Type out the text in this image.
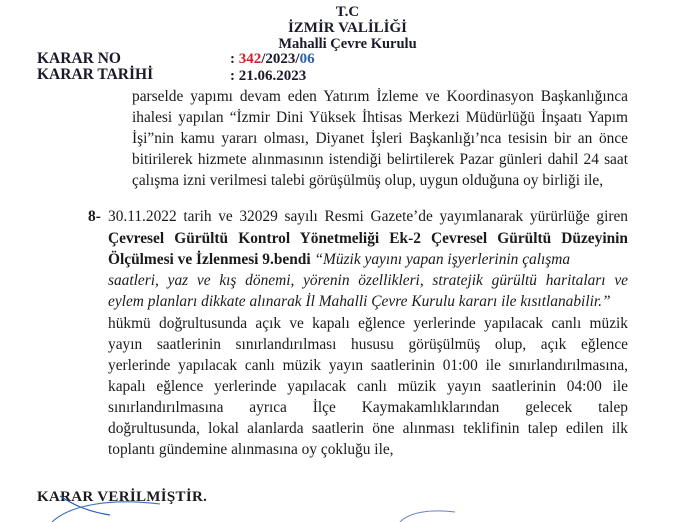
T.C
İZMİR VALİLİĞİ
Mahalli Çevre Kurulu
KARAR NO	: 342/2023/06
KARAR TARİHİ	: 21.06.2023
parselde yapımı devam eden Yatırım İzleme ve Koordinasyon Başkanlığınca
ihalesi yapılan “İzmir Dini Yüksek İhtisas Merkezi Müdürlüğü İnşaatı Yapım
İşi”nin kamu yararı olması, Diyanet İşleri Başkanlığı’nca tesisin bir an önce
bitirilerek hizmete alınmasının istendiği belirtilerek Pazar günleri dahil 24 saat
çalışma izni verilmesi talebi görüşülmüş olup, uygun olduğuna oy birliği ile,
8- 30.11.2022 tarih ve 32029 sayılı Resmi Gazete’de yayımlanarak yürürlüğe giren
Çevresel Gürültü Kontrol Yönetmeliği Ek-2 Çevresel Gürültü Düzeyinin
Ölçülmesi ve İzlenmesi 9.bendi “Müzik yayını yapan işyerlerinin çalışma
saatleri, yaz ve kış dönemi, yörenin özellikleri, stratejik gürültü haritaları ve
eylem planları dikkate alınarak İl Mahalli Çevre Kurulu kararı ile kısıtlanabilir.”
hükmü doğrultusunda açık ve kapalı eğlence yerlerinde yapılacak canlı müzik
yayın saatlerinin sınırlandırılması hususu görüşülmüş olup, açık eğlence
yerlerinde yapılacak canlı müzik yayın saatlerinin 01:00 ile sınırlandırılmasına,
kapalı eğlence yerlerinde yapılacak canlı müzik yayın saatlerinin 04:00 ile
sınırlandırılmasına ayrıca İlçe Kaymakamlıklarından gelecek talep
doğrultusunda, lokal alanlarda saatlerin öne alınması teklifinin talep edilen ilk
toplantı gündemine alınmasına oy çokluğu ile,
KARAR VERİLMİŞTİR.
